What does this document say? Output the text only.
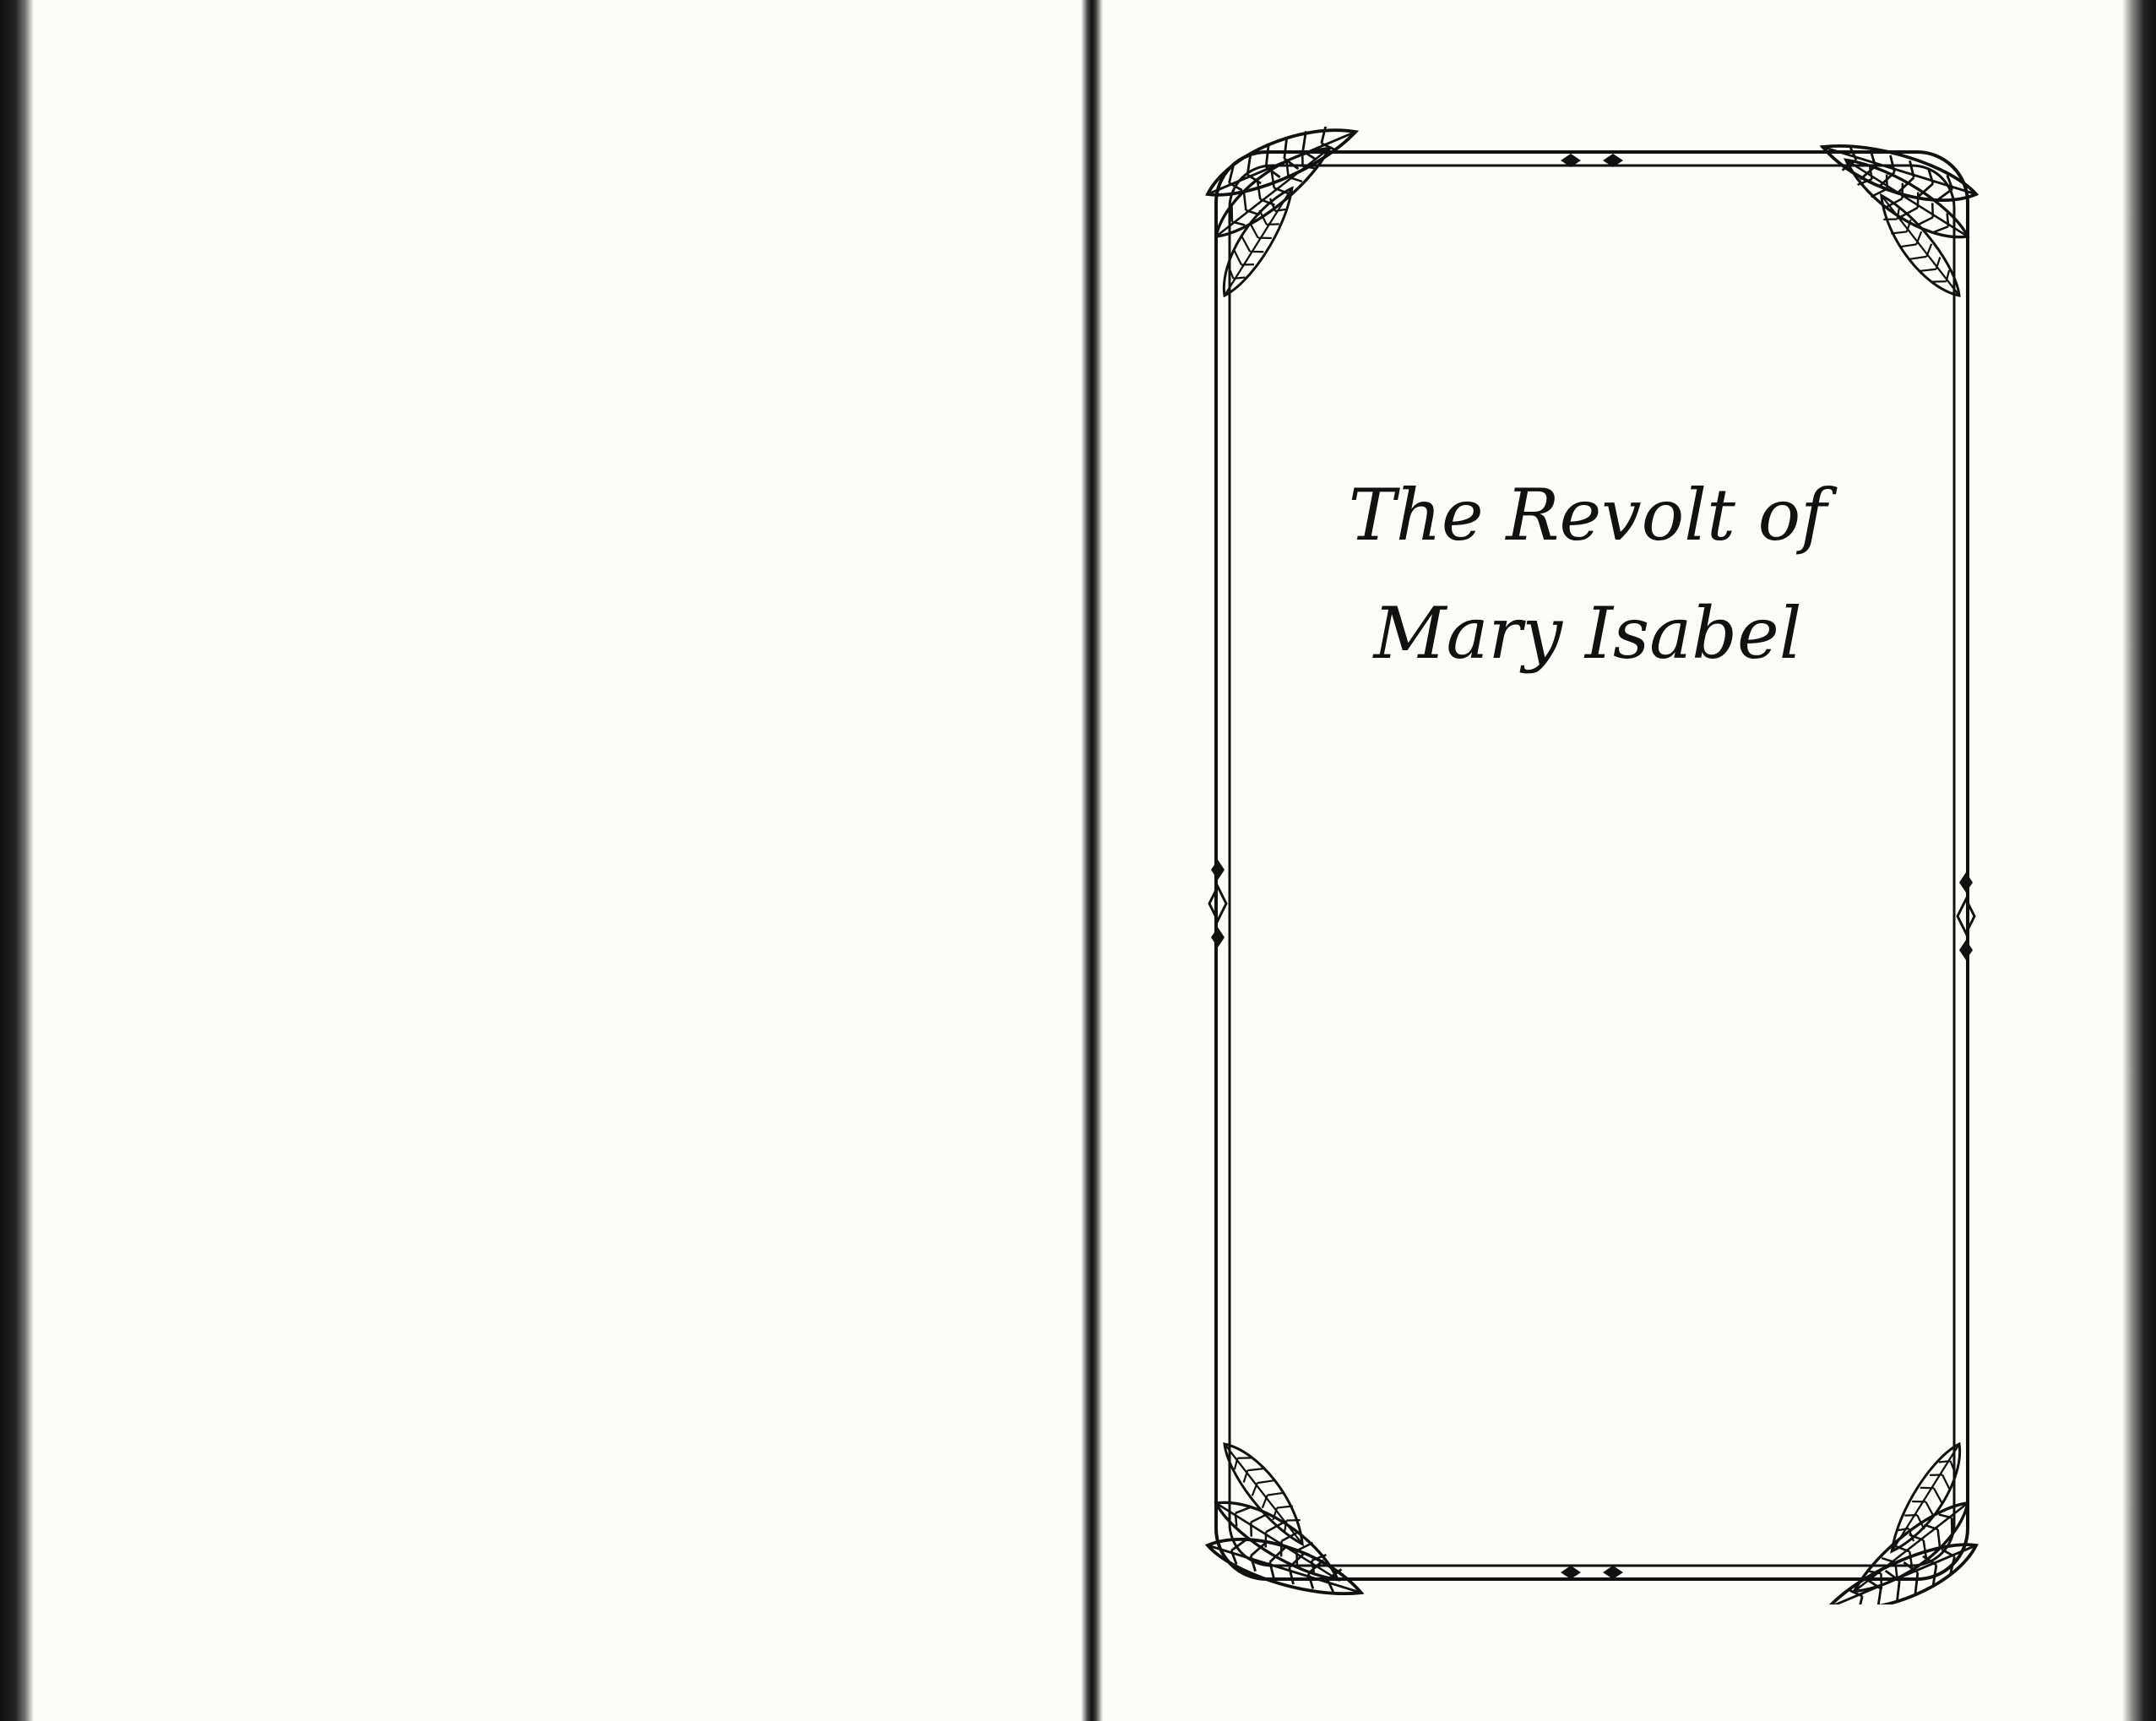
The Revolt of
Mary Isabel
